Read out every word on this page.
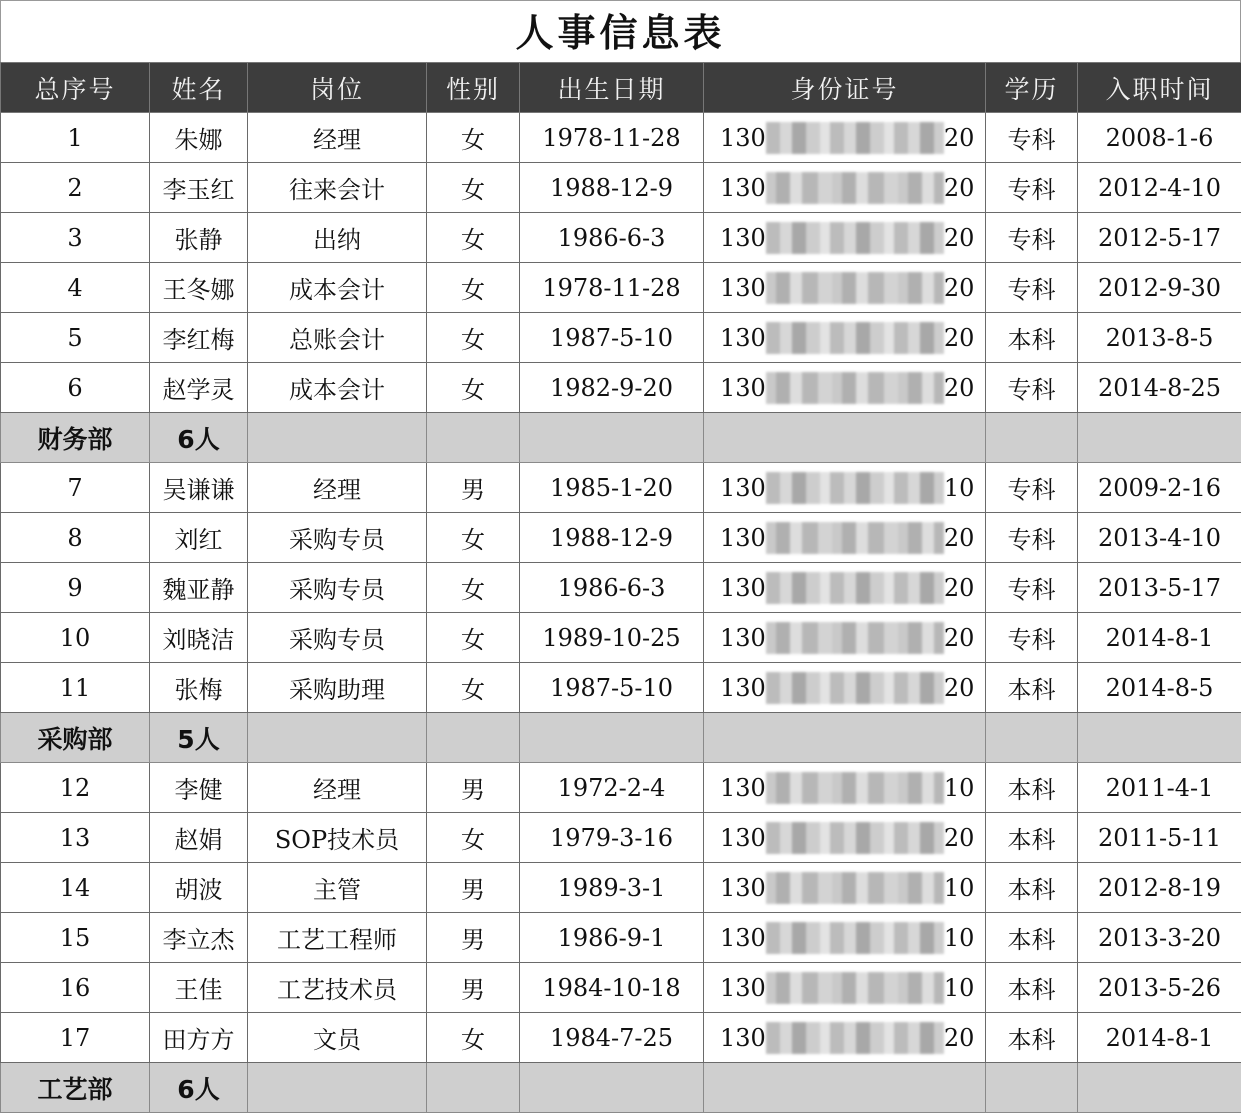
人事信息表
总序号	姓名	岗位	性别	出生日期	身份证号	学历	入职时间
1	朱娜	经理	女	1978-11-28	130 20	专科	2008-1-6
2	李玉红	往来会计	女	1988-12-9	130 20	专科	2012-4-10
3	张静	出纳	女	1986-6-3	130 20	专科	2012-5-17
4	王冬娜	成本会计	女	1978-11-28	130 20	专科	2012-9-30
5	李红梅	总账会计	女	1987-5-10	130 20	本科	2013-8-5
6	赵学灵	成本会计	女	1982-9-20	130 20	专科	2014-8-25
财务部	6人						
7	吴谦谦	经理	男	1985-1-20	130 10	专科	2009-2-16
8	刘红	采购专员	女	1988-12-9	130 20	专科	2013-4-10
9	魏亚静	采购专员	女	1986-6-3	130 20	专科	2013-5-17
10	刘晓洁	采购专员	女	1989-10-25	130 20	专科	2014-8-1
11	张梅	采购助理	女	1987-5-10	130 20	本科	2014-8-5
采购部	5人						
12	李健	经理	男	1972-2-4	130 10	本科	2011-4-1
13	赵娟	SOP技术员	女	1979-3-16	130 20	本科	2011-5-11
14	胡波	主管	男	1989-3-1	130 10	本科	2012-8-19
15	李立杰	工艺工程师	男	1986-9-1	130 10	本科	2013-3-20
16	王佳	工艺技术员	男	1984-10-18	130 10	本科	2013-5-26
17	田方方	文员	女	1984-7-25	130 20	本科	2014-8-1
工艺部	6人						
